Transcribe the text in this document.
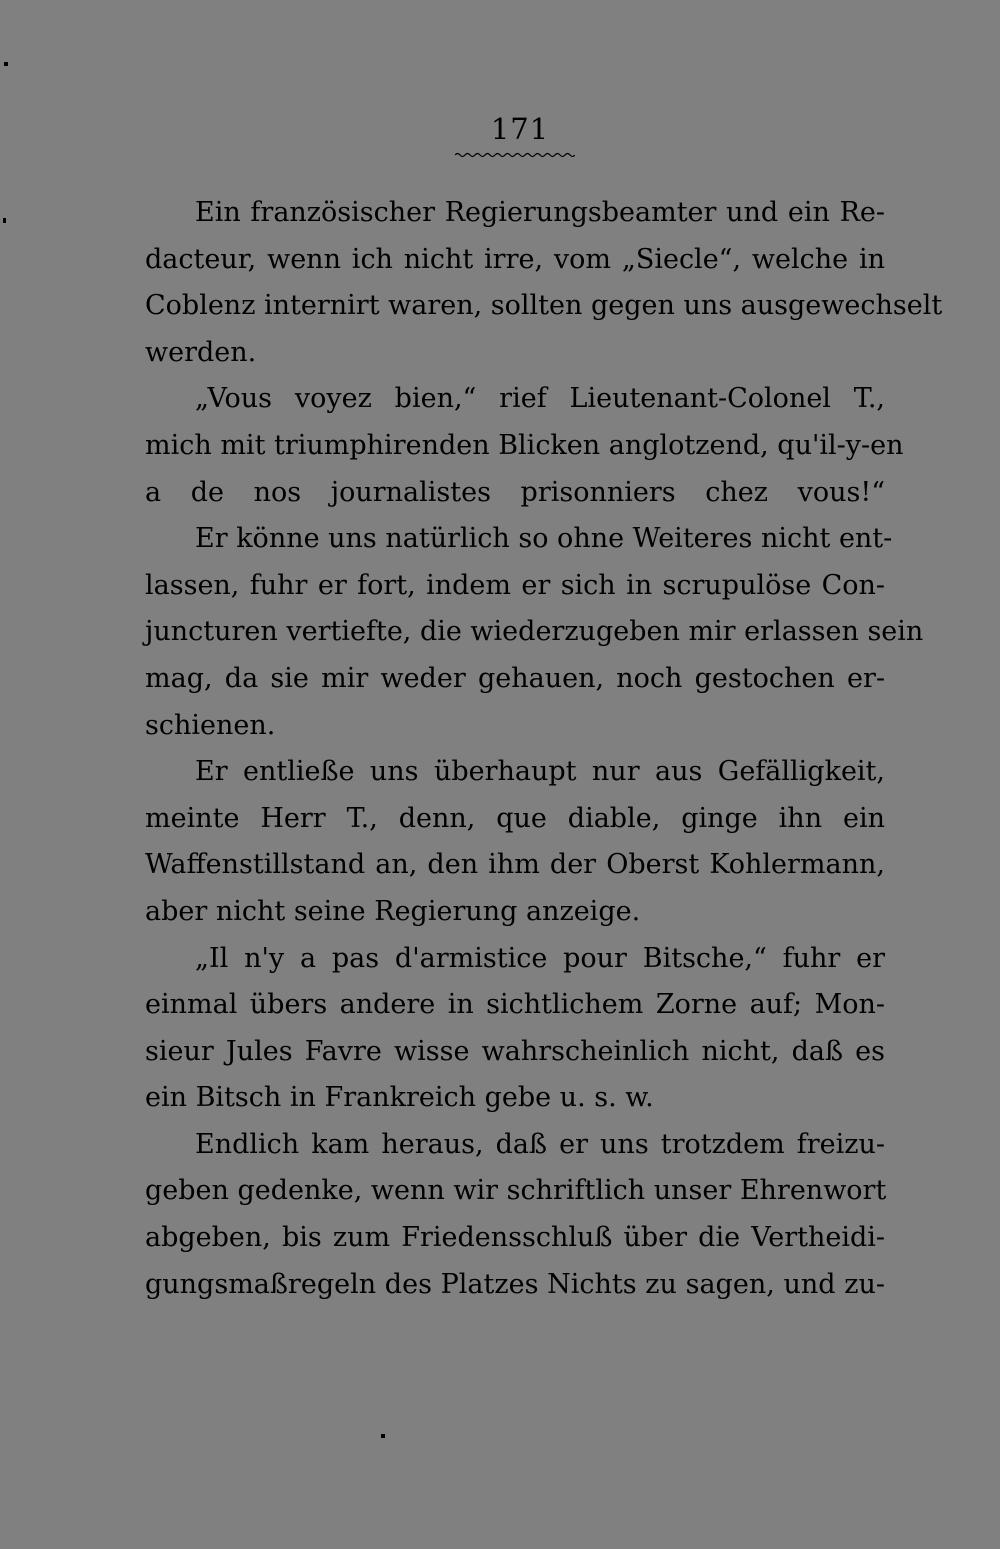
171
Ein französischer Regierungsbeamter und ein Re-
dacteur, wenn ich nicht irre, vom „Siecle“, welche in
Coblenz internirt waren, sollten gegen uns ausgewechselt
werden.
„Vous voyez bien,“ rief Lieutenant-Colonel T.,
mich mit triumphirenden Blicken anglotzend, qu'il-y-en
a de nos journalistes prisonniers chez vous!“
Er könne uns natürlich so ohne Weiteres nicht ent-
lassen, fuhr er fort, indem er sich in scrupulöse Con-
juncturen vertiefte, die wiederzugeben mir erlassen sein
mag, da sie mir weder gehauen, noch gestochen er-
schienen.
Er entließe uns überhaupt nur aus Gefälligkeit,
meinte Herr T., denn, que diable, ginge ihn ein
Waffenstillstand an, den ihm der Oberst Kohlermann,
aber nicht seine Regierung anzeige.
„Il n'y a pas d'armistice pour Bitsche,“ fuhr er
einmal übers andere in sichtlichem Zorne auf; Mon-
sieur Jules Favre wisse wahrscheinlich nicht, daß es
ein Bitsch in Frankreich gebe u. s. w.
Endlich kam heraus, daß er uns trotzdem freizu-
geben gedenke, wenn wir schriftlich unser Ehrenwort
abgeben, bis zum Friedensschluß über die Vertheidi-
gungsmaßregeln des Platzes Nichts zu sagen, und zu-
